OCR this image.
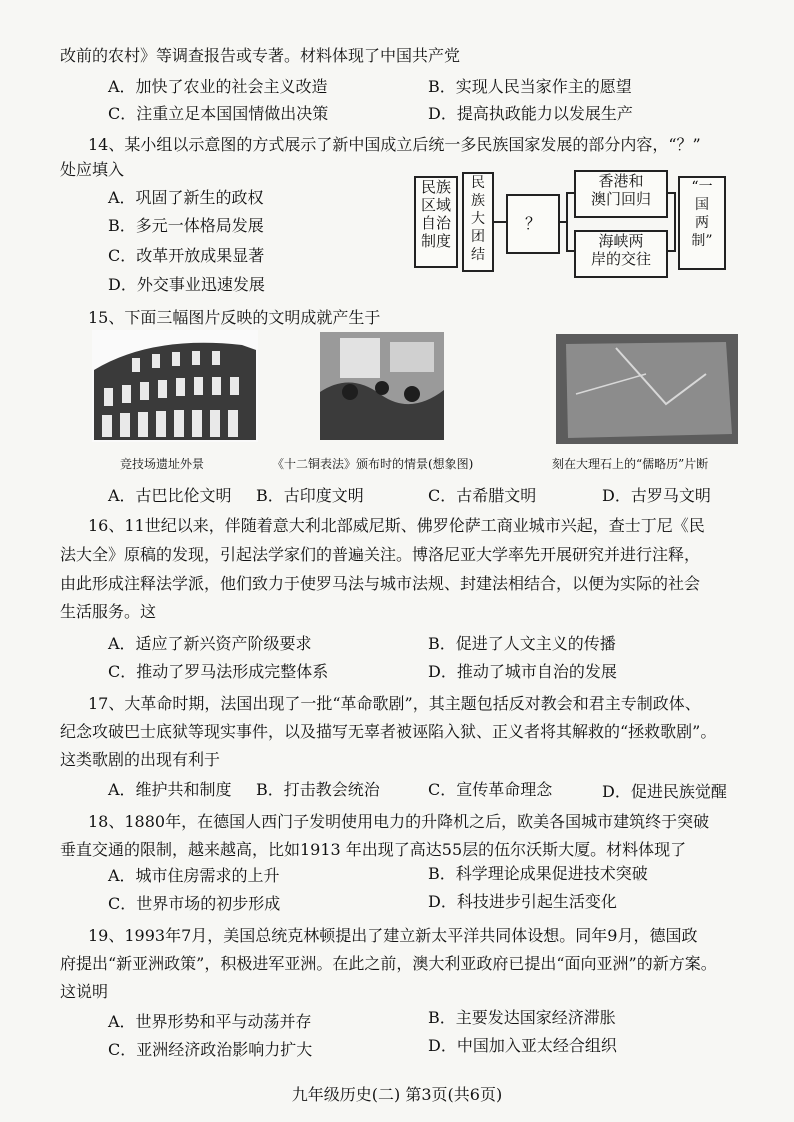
改前的农村》等调查报告或专著。材料体现了中国共产党
A．加快了农业的社会主义改造	B．实现人民当家作主的愿望
C．注重立足本国国情做出决策	D．提高执政能力以发展生产
14、某小组以示意图的方式展示了新中国成立后统一多民族国家发展的部分内容，“？”
处应填入
A．巩固了新生的政权
B．多元一体格局发展
C．改革开放成果显著
D．外交事业迅速发展
民族
区域
自治
制度
民
族
大
团
结
？
香港和
澳门回归
海峡两
岸的交往
“一
国
两
制”
15、下面三幅图片反映的文明成就产生于
竞技场遗址外景	《十二铜表法》颁布时的情景(想象图)	刻在大理石上的“儒略历”片断
A．古巴比伦文明 B．古印度文明	C．古希腊文明	D．古罗马文明
16、11世纪以来，伴随着意大利北部威尼斯、佛罗伦萨工商业城市兴起，查士丁尼《民
法大全》原稿的发现，引起法学家们的普遍关注。博洛尼亚大学率先开展研究并进行注释，
由此形成注释法学派，他们致力于使罗马法与城市法规、封建法相结合，以便为实际的社会
生活服务。这
A．适应了新兴资产阶级要求	B．促进了人文主义的传播
C．推动了罗马法形成完整体系	D．推动了城市自治的发展
17、大革命时期，法国出现了一批“革命歌剧”，其主题包括反对教会和君主专制政体、
纪念攻破巴士底狱等现实事件，以及描写无辜者被诬陷入狱、正义者将其解救的“拯救歌剧”。
这类歌剧的出现有利于
A．维护共和制度 B．打击教会统治	C．宣传革命理念	D．促进民族觉醒
18、1880年，在德国人西门子发明使用电力的升降机之后，欧美各国城市建筑终于突破
垂直交通的限制，越来越高，比如1913 年出现了高达55层的伍尔沃斯大厦。材料体现了
A．城市住房需求的上升	B．科学理论成果促进技术突破
C．世界市场的初步形成	D．科技进步引起生活变化
19、1993年7月，美国总统克林顿提出了建立新太平洋共同体设想。同年9月，德国政
府提出“新亚洲政策”，积极进军亚洲。在此之前，澳大利亚政府已提出“面向亚洲”的新方案。
这说明
A．世界形势和平与动荡并存	B．主要发达国家经济滞胀
C．亚洲经济政治影响力扩大	D．中国加入亚太经合组织
九年级历史(二) 第3页(共6页)
